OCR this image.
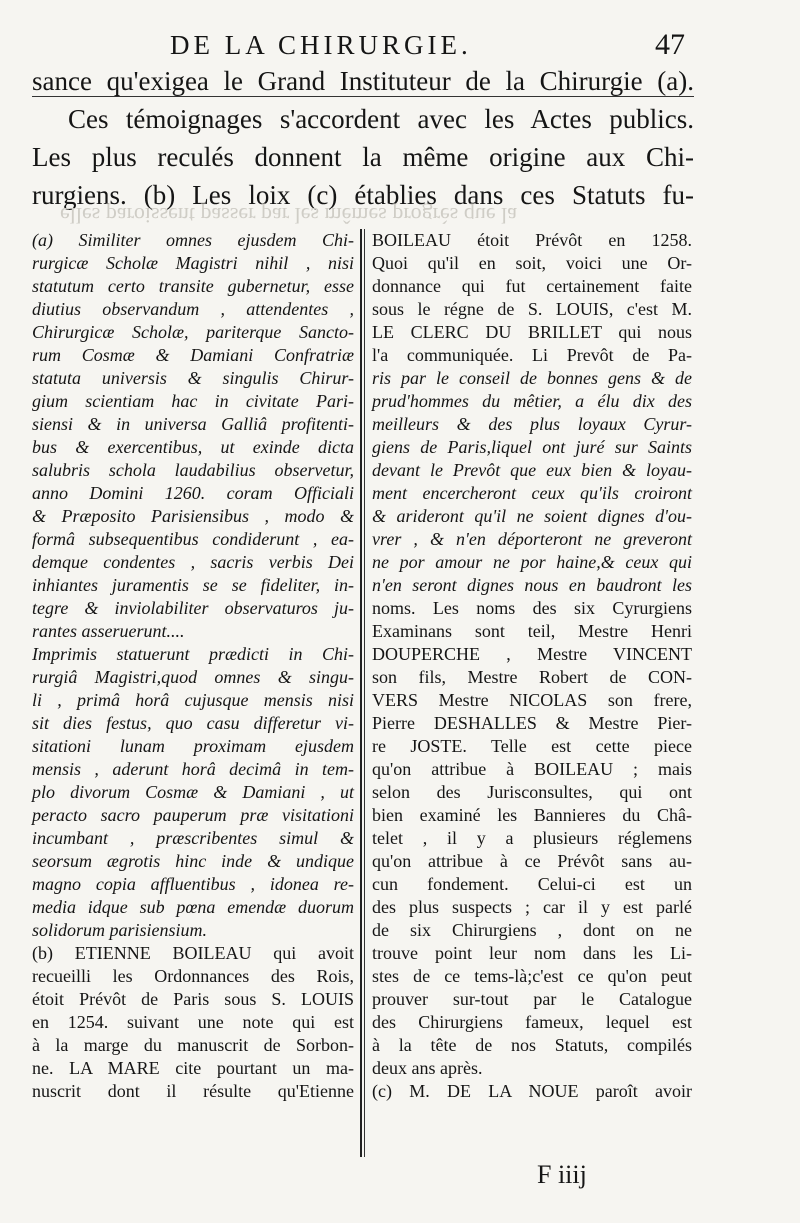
DE LA CHIRURGIE.	47
sance qu'exigea le Grand Instituteur de la Chirurgie (a).
Ces témoignages s'accordent avec les Actes publics.
Les plus reculés donnent la même origine aux Chi-
rurgiens. (b) Les loix (c) établies dans ces Statuts fu-
elles paroissent passer par les mêmes progrès que la
(a) Similiter omnes ejusdem Chi-
rurgicæ Scholæ Magistri nihil , nisi
statutum certo transite gubernetur, esse
diutius observandum , attendentes ,
Chirurgicæ Scholæ, pariterque Sancto-
rum Cosmæ & Damiani Confratriæ
statuta universis & singulis Chirur-
gium scientiam hac in civitate Pari-
siensi & in universa Galliâ profitenti-
bus & exercentibus, ut exinde dicta
salubris schola laudabilius observetur,
anno Domini 1260. coram Officiali
& Præposito Parisiensibus , modo &
formâ subsequentibus condiderunt , ea-
demque condentes , sacris verbis Dei
inhiantes juramentis se se fideliter, in-
tegre & inviolabiliter observaturos ju-
rantes asseruerunt....
Imprimis statuerunt prædicti in Chi-
rurgiâ Magistri,quod omnes & singu-
li , primâ horâ cujusque mensis nisi
sit dies festus, quo casu differetur vi-
sitationi lunam proximam ejusdem
mensis , aderunt horâ decimâ in tem-
plo divorum Cosmæ & Damiani , ut
peracto sacro pauperum præ visitationi
incumbant , præscribentes simul &
seorsum ægrotis hinc inde & undique
magno copia affluentibus , idonea re-
media idque sub pœna emendæ duorum
solidorum parisiensium.
(b) ETIENNE BOILEAU qui avoit
recueilli les Ordonnances des Rois,
étoit Prévôt de Paris sous S. LOUIS
en 1254. suivant une note qui est
à la marge du manuscrit de Sorbon-
ne. LA MARE cite pourtant un ma-
nuscrit dont il résulte qu'Etienne
BOILEAU étoit Prévôt en 1258.
Quoi qu'il en soit, voici une Or-
donnance qui fut certainement faite
sous le régne de S. LOUIS, c'est M.
LE CLERC DU BRILLET qui nous
l'a communiquée. Li Prevôt de Pa-
ris par le conseil de bonnes gens & de
prud'hommes du mêtier, a élu dix des
meilleurs & des plus loyaux Cyrur-
giens de Paris,liquel ont juré sur Saints
devant le Prevôt que eux bien & loyau-
ment encercheront ceux qu'ils croiront
& arideront qu'il ne soient dignes d'ou-
vrer , & n'en déporteront ne greveront
ne por amour ne por haine,& ceux qui
n'en seront dignes nous en baudront les
noms. Les noms des six Cyrurgiens
Examinans sont teil, Mestre Henri
DOUPERCHE , Mestre VINCENT
son fils, Mestre Robert de CON-
VERS Mestre NICOLAS son frere,
Pierre DESHALLES & Mestre Pier-
re JOSTE. Telle est cette piece
qu'on attribue à BOILEAU ; mais
selon des Jurisconsultes, qui ont
bien examiné les Bannieres du Châ-
telet , il y a plusieurs réglemens
qu'on attribue à ce Prévôt sans au-
cun fondement. Celui-ci est un
des plus suspects ; car il y est parlé
de six Chirurgiens , dont on ne
trouve point leur nom dans les Li-
stes de ce tems-là;c'est ce qu'on peut
prouver sur-tout par le Catalogue
des Chirurgiens fameux, lequel est
à la tête de nos Statuts, compilés
deux ans après.
(c) M. DE LA NOUE paroît avoir
F iiij
